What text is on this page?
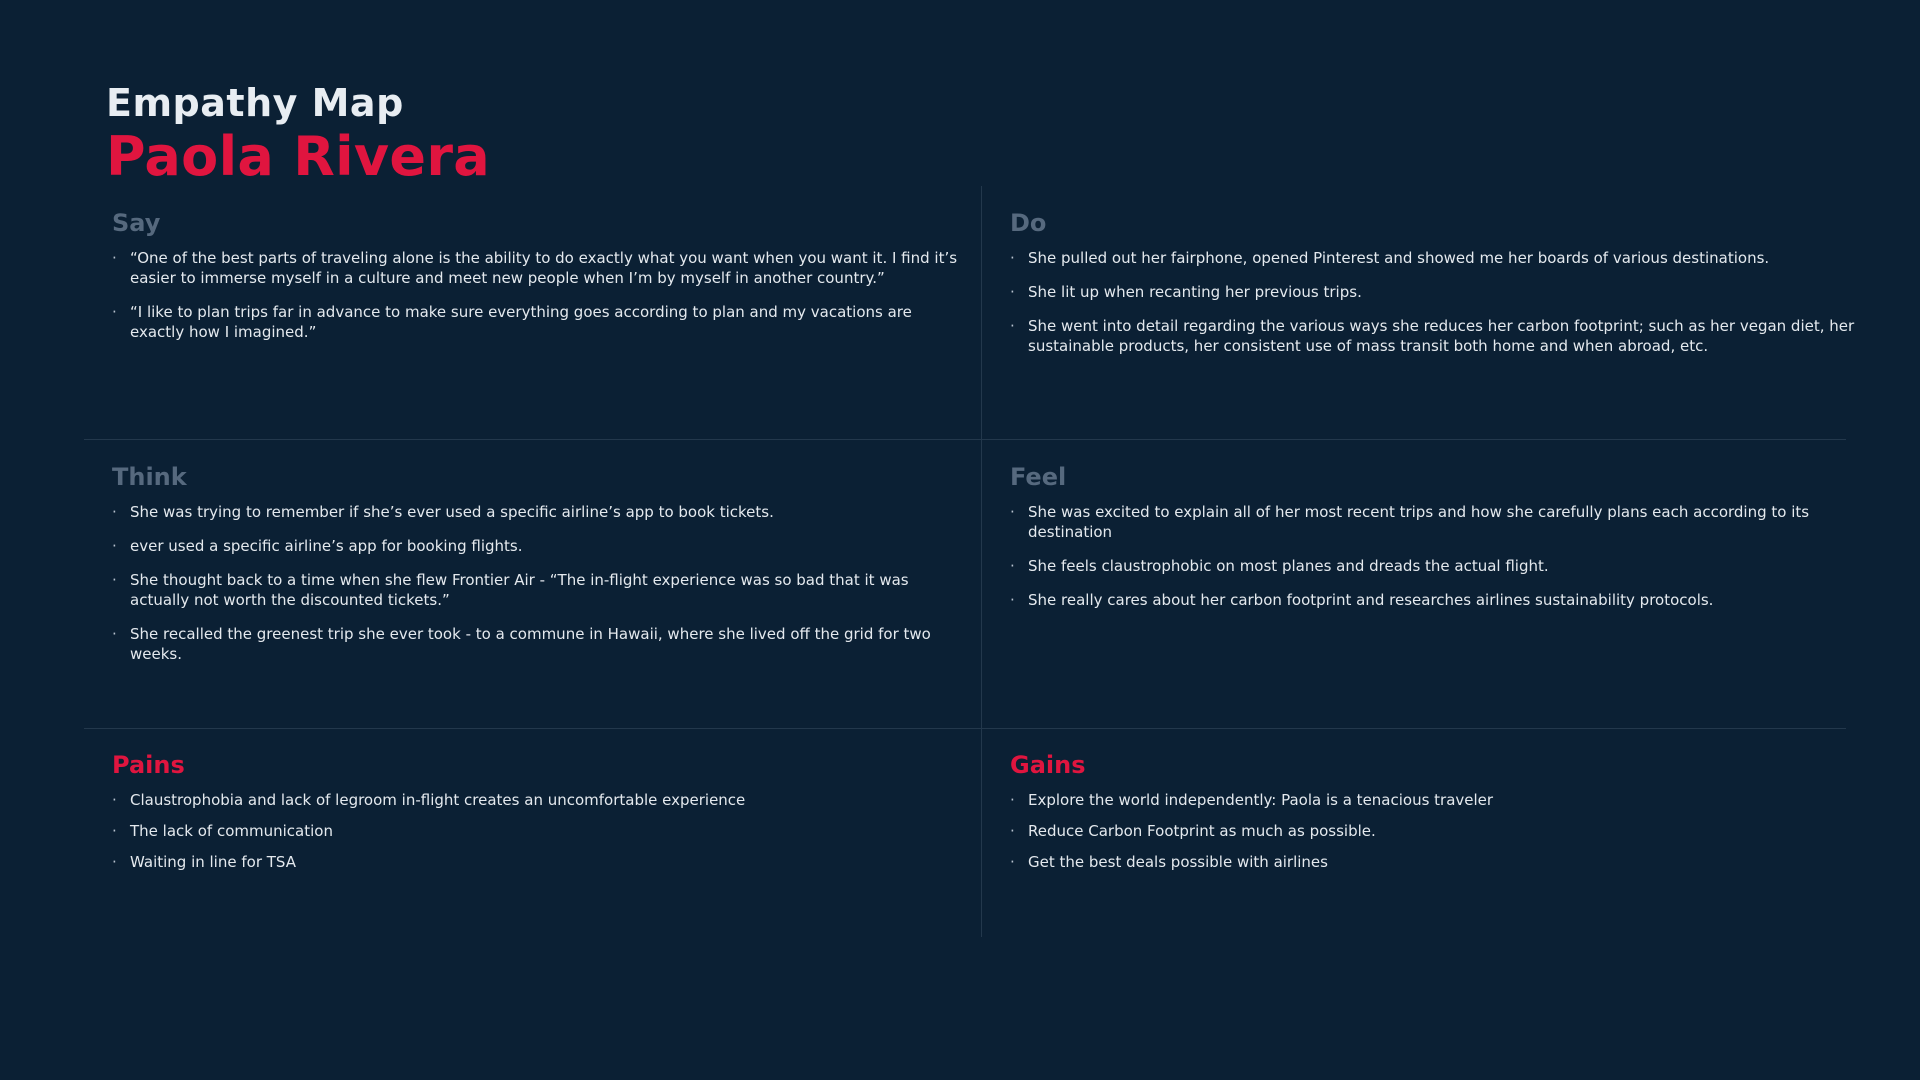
Empathy Map
Paola Rivera
Say
· “One of the best parts of traveling alone is the ability to do exactly what you want when you want it. I find it’s easier to immerse myself in a culture and meet new people when I’m by myself in another country.”
· “I like to plan trips far in advance to make sure everything goes according to plan and my vacations are exactly how I imagined.”
Do
· She pulled out her fairphone, opened Pinterest and showed me her boards of various destinations.
· She lit up when recanting her previous trips.
· She went into detail regarding the various ways she reduces her carbon footprint; such as her vegan diet, her sustainable products, her consistent use of mass transit both home and when abroad, etc.
Think
· She was trying to remember if she’s ever used a specific airline’s app to book tickets.
· ever used a specific airline’s app for booking flights.
· She thought back to a time when she flew Frontier Air - “The in-flight experience was so bad that it was actually not worth the discounted tickets.”
· She recalled the greenest trip she ever took - to a commune in Hawaii, where she lived off the grid for two weeks.
Feel
· She was excited to explain all of her most recent trips and how she carefully plans each according to its destination
· She feels claustrophobic on most planes and dreads the actual flight.
· She really cares about her carbon footprint and researches airlines sustainability protocols.
Pains
· Claustrophobia and lack of legroom in-flight creates an uncomfortable experience
· The lack of communication
· Waiting in line for TSA
Gains
· Explore the world independently: Paola is a tenacious traveler
· Reduce Carbon Footprint as much as possible.
· Get the best deals possible with airlines
